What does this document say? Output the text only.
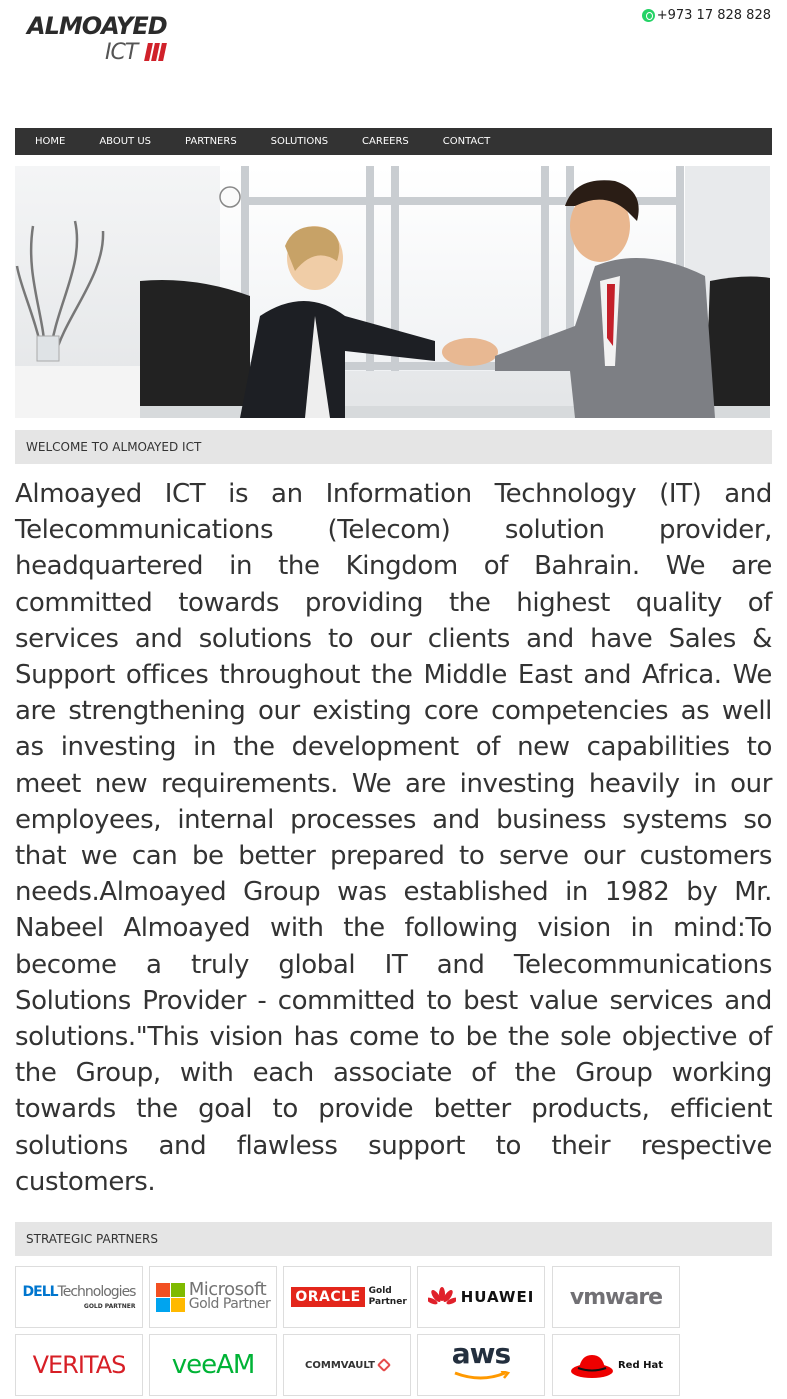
ALMOAYED
ICT
+973 17 828 828
HOME	ABOUT US	PARTNERS	SOLUTIONS	CAREERS	CONTACT
WELCOME TO ALMOAYED ICT

Almoayed ICT is an Information Technology (IT) and Telecommunications (Telecom) solution provider, headquartered in the Kingdom of Bahrain. We are committed towards providing the highest quality of services and solutions to our clients and have Sales & Support offices throughout the Middle East and Africa. We are strengthening our existing core competencies as well as investing in the development of new capabilities to meet new requirements. We are investing heavily in our employees, internal processes and business systems so that we can be better prepared to serve our customers needs.Almoayed Group was established in 1982 by Mr. Nabeel Almoayed with the following vision in mind:To become a truly global IT and Telecommunications Solutions Provider - committed to best value services and solutions."This vision has come to be the sole objective of the Group, with each associate of the Group working towards the goal to provide better products, efficient solutions and flawless support to their respective customers.

STRATEGIC PARTNERS
DELLTechnologies
GOLD PARTNER
Microsoft
Gold Partner ORACLE Gold Partner	HUAWEI vmware
VERITAS veeAM	COMMVAULT	aws	Red Hat
